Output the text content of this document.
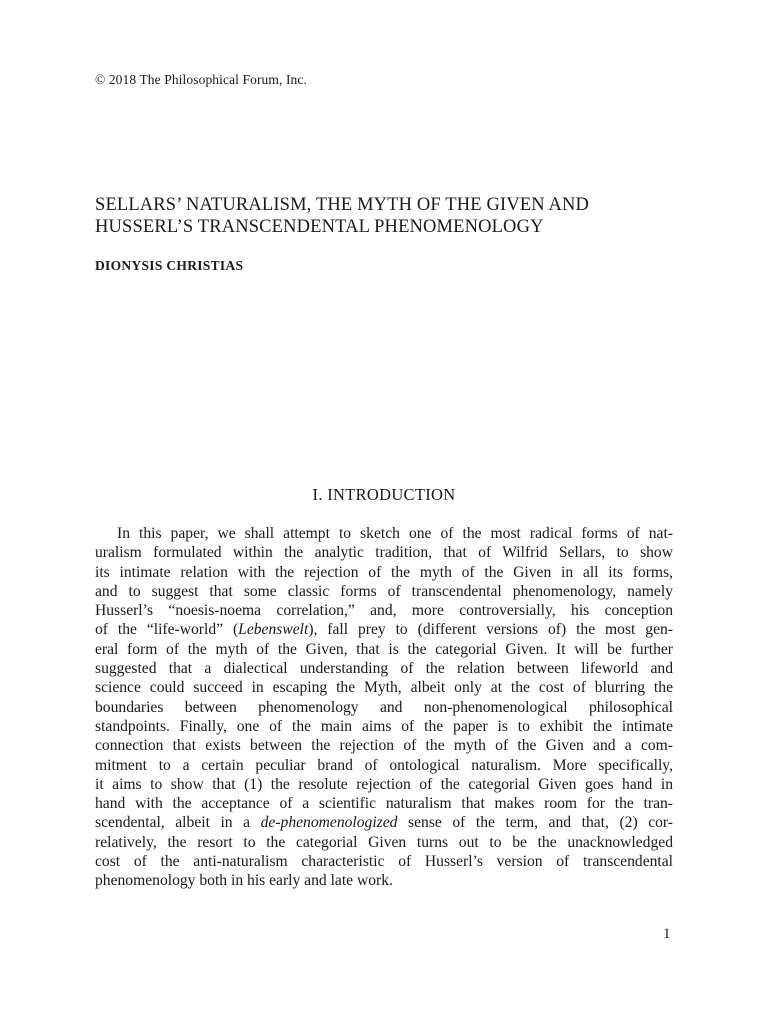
© 2018 The Philosophical Forum, Inc.
SELLARS’ NATURALISM, THE MYTH OF THE GIVEN AND
HUSSERL’S TRANSCENDENTAL PHENOMENOLOGY
DIONYSIS CHRISTIAS
I. INTRODUCTION
In this paper, we shall attempt to sketch one of the most radical forms of nat-
uralism formulated within the analytic tradition, that of Wilfrid Sellars, to show
its intimate relation with the rejection of the myth of the Given in all its forms,
and to suggest that some classic forms of transcendental phenomenology, namely
Husserl’s “noesis-noema correlation,” and, more controversially, his conception
of the “life-world” (Lebenswelt), fall prey to (different versions of) the most gen-
eral form of the myth of the Given, that is the categorial Given. It will be further
suggested that a dialectical understanding of the relation between lifeworld and
science could succeed in escaping the Myth, albeit only at the cost of blurring the
boundaries between phenomenology and non-phenomenological philosophical
standpoints. Finally, one of the main aims of the paper is to exhibit the intimate
connection that exists between the rejection of the myth of the Given and a com-
mitment to a certain peculiar brand of ontological naturalism. More specifically,
it aims to show that (1) the resolute rejection of the categorial Given goes hand in
hand with the acceptance of a scientific naturalism that makes room for the tran-
scendental, albeit in a de-phenomenologized sense of the term, and that, (2) cor-
relatively, the resort to the categorial Given turns out to be the unacknowledged
cost of the anti-naturalism characteristic of Husserl’s version of transcendental
phenomenology both in his early and late work.
1
